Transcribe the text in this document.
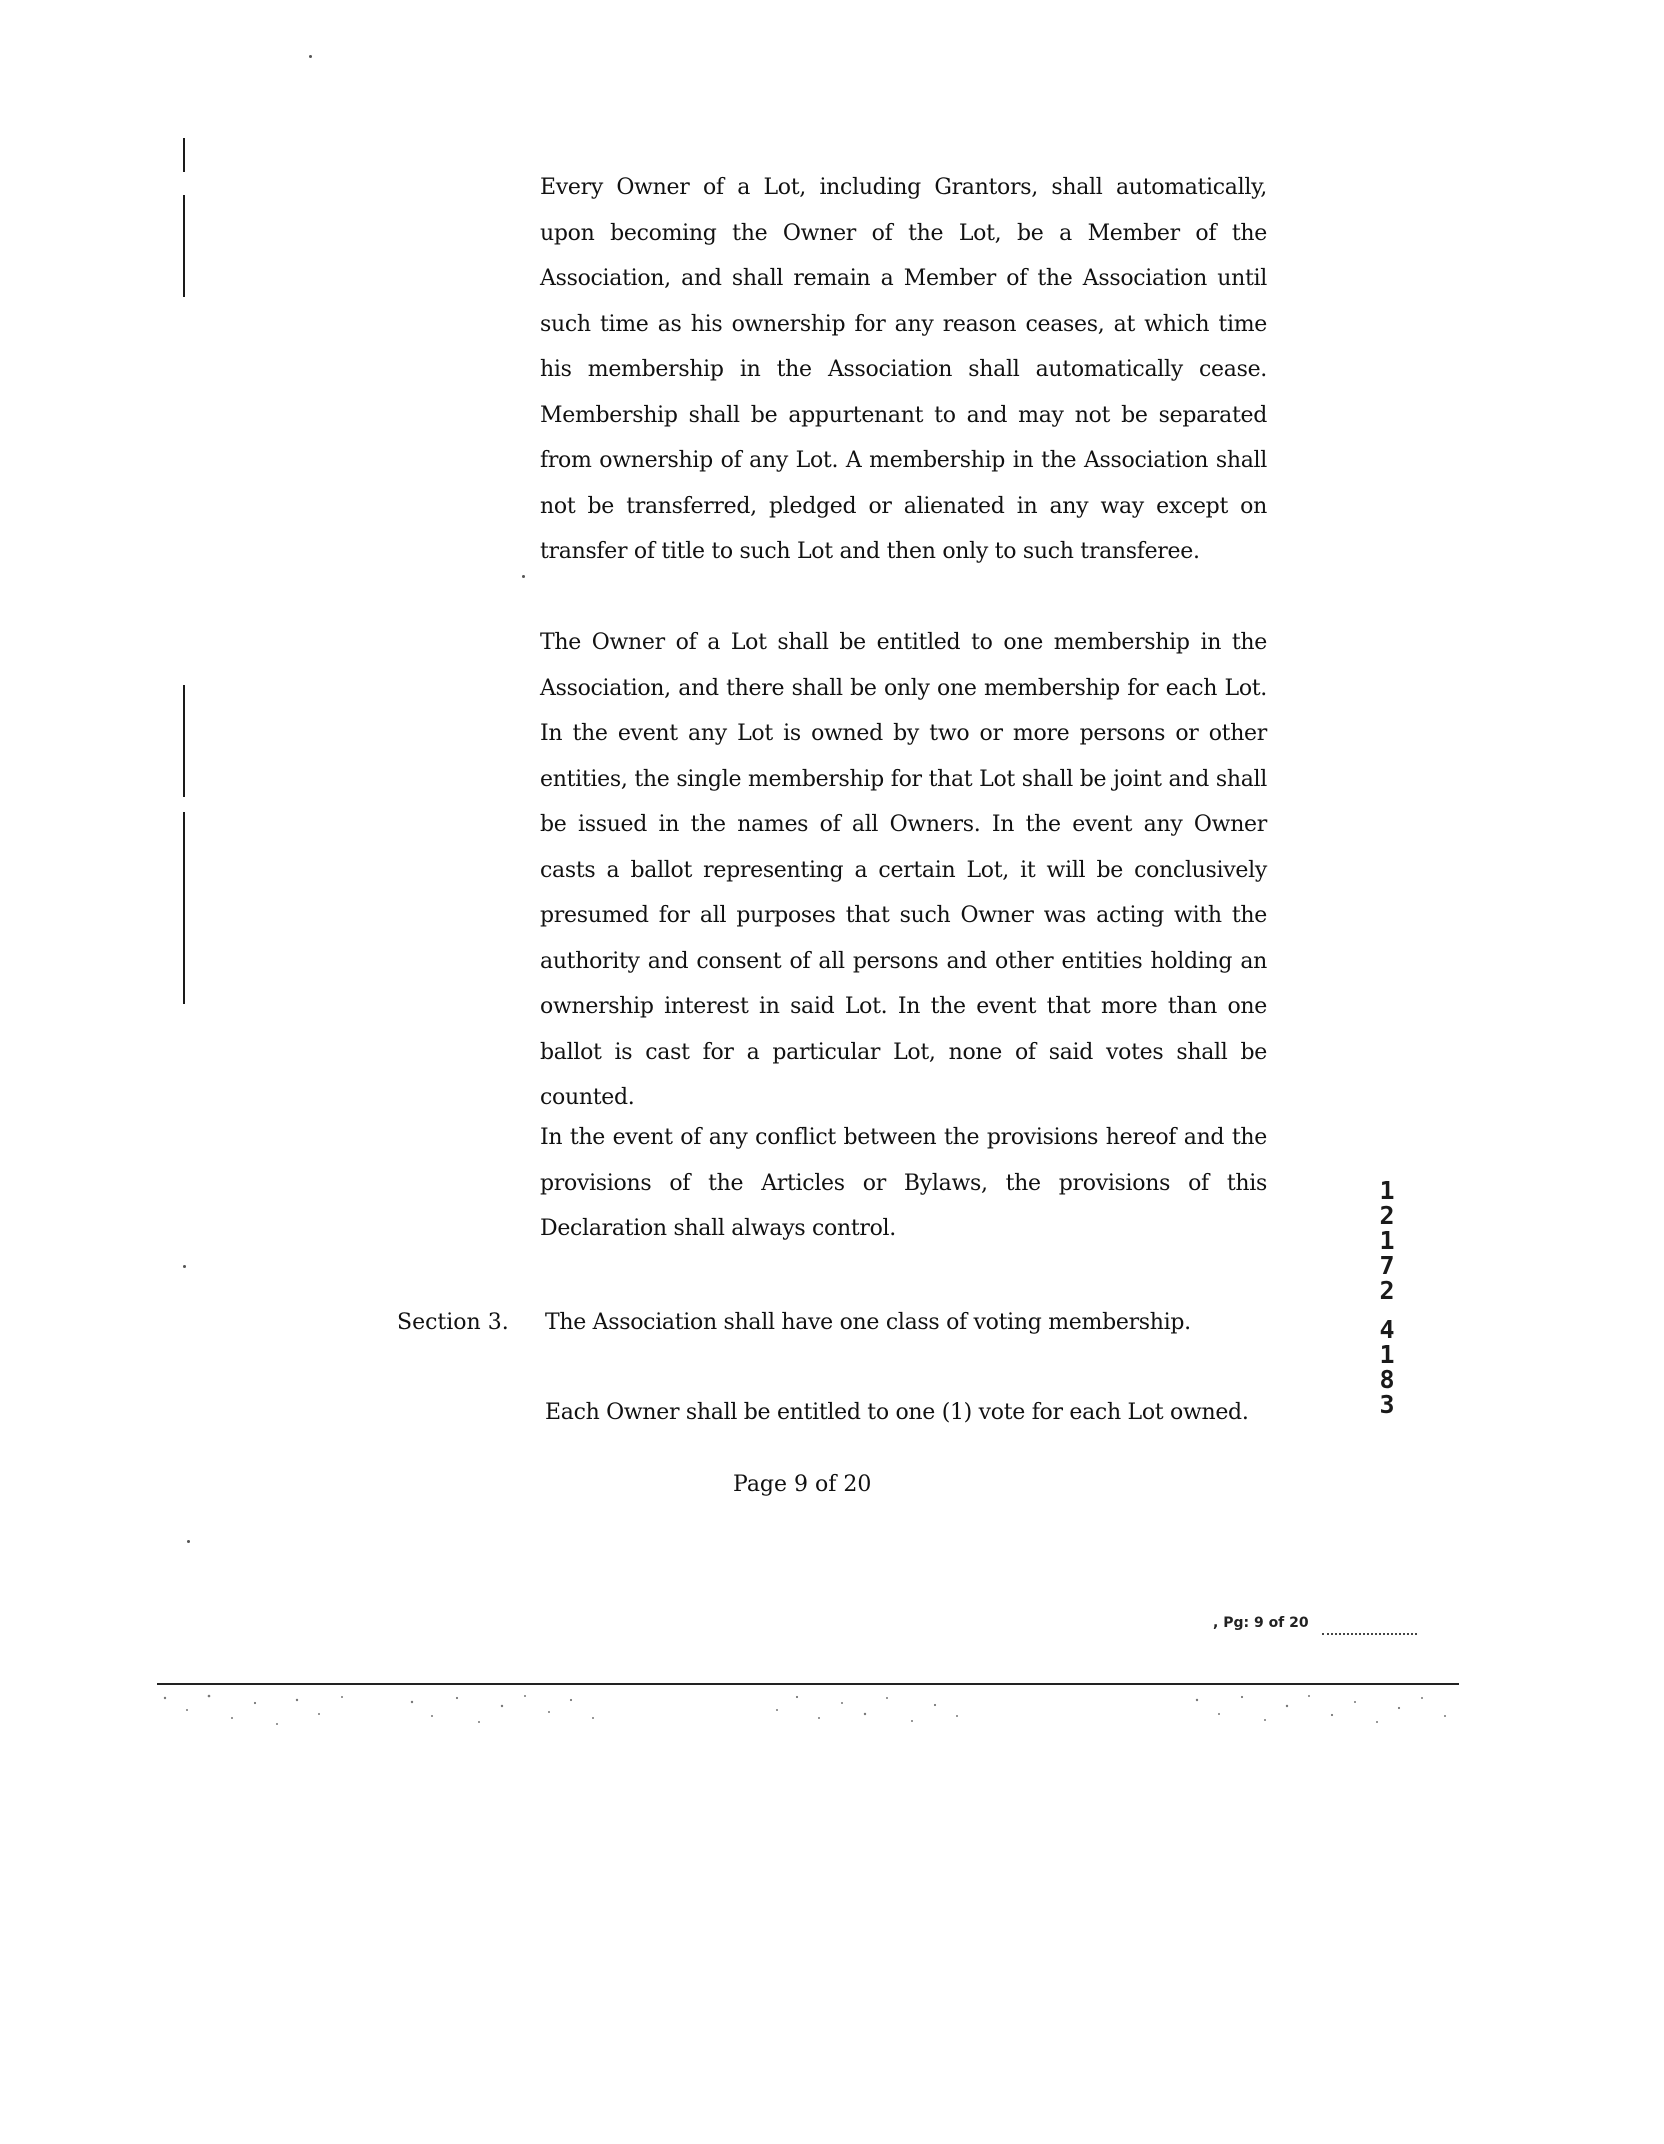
Every Owner of a Lot, including Grantors, shall automatically, upon becoming the Owner of the Lot, be a Member of the Association, and shall remain a Member of the Association until such time as his ownership for any reason ceases, at which time his membership in the Association shall automatically cease. Membership shall be appurtenant to and may not be separated from ownership of any Lot. A membership in the Association shall not be transferred, pledged or alienated in any way except on transfer of title to such Lot and then only to such transferee.
The Owner of a Lot shall be entitled to one membership in the Association, and there shall be only one membership for each Lot. In the event any Lot is owned by two or more persons or other entities, the single membership for that Lot shall be joint and shall be issued in the names of all Owners. In the event any Owner casts a ballot representing a certain Lot, it will be conclusively presumed for all purposes that such Owner was acting with the authority and consent of all persons and other entities holding an ownership interest in said Lot. In the event that more than one ballot is cast for a particular Lot, none of said votes shall be counted.
In the event of any conflict between the provisions hereof and the provisions of the Articles or Bylaws, the provisions of this Declaration shall always control.
Section 3. The Association shall have one class of voting membership.
Each Owner shall be entitled to one (1) vote for each Lot owned.
Page 9 of 20
1
2
1
7
2
4
1
8
3
, Pg: 9 of 20
